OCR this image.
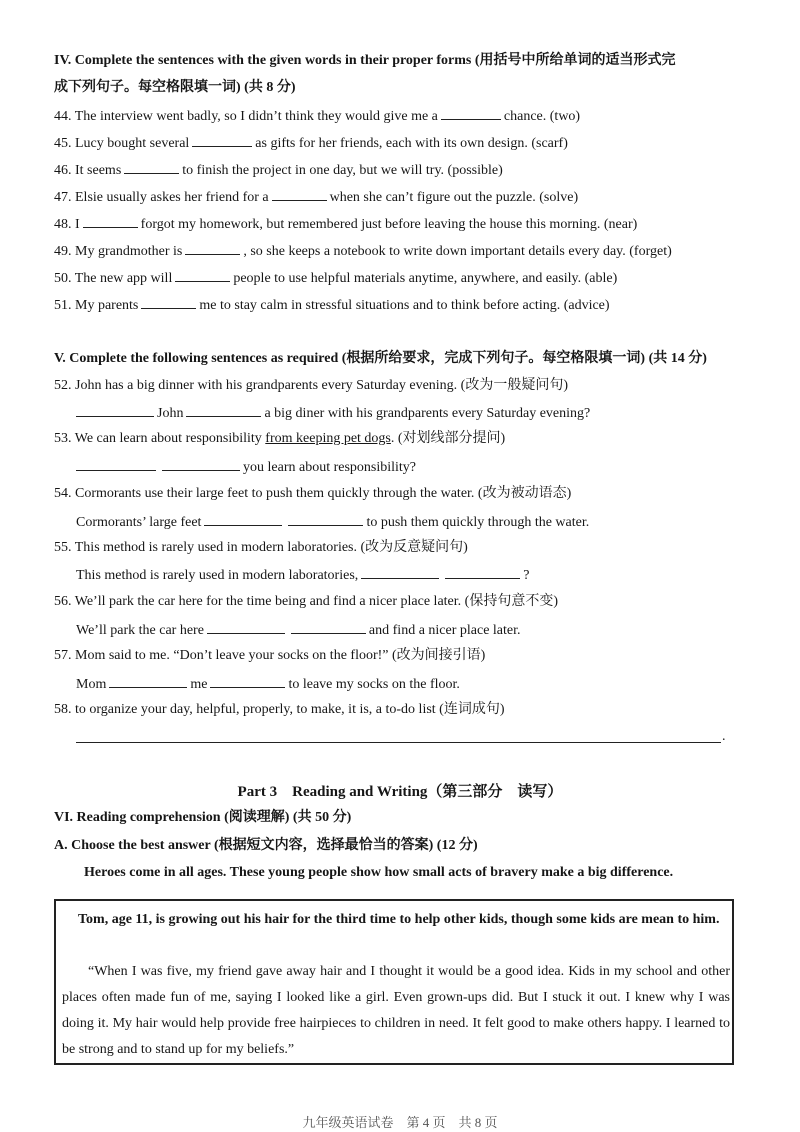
IV. Complete the sentences with the given words in their proper forms (用括号中所给单词的适当形式完
成下列句子。每空格限填一词) (共 8 分)
44. The interview went badly, so I didn’t think they would give me a	chance. (two)
45. Lucy bought several	as gifts for her friends, each with its own design. (scarf)
46. It seems	to finish the project in one day, but we will try. (possible)
47. Elsie usually askes her friend for a	when she can’t figure out the puzzle. (solve)
48. I	forgot my homework, but remembered just before leaving the house this morning. (near)
49. My grandmother is	, so she keeps a notebook to write down important details every day. (forget)
50. The new app will	people to use helpful materials anytime, anywhere, and easily. (able)
51. My parents	me to stay calm in stressful situations and to think before acting. (advice)
V. Complete the following sentences as required (根据所给要求，完成下列句子。每空格限填一词) (共 14 分)
52. John has a big dinner with his grandparents every Saturday evening. (改为一般疑问句)
John	a big diner with his grandparents every Saturday evening?
53. We can learn about responsibility from keeping pet dogs. (对划线部分提问)
you learn about responsibility?
54. Cormorants use their large feet to push them quickly through the water. (改为被动语态)
Cormorants’ large feet	to push them quickly through the water.
55. This method is rarely used in modern laboratories. (改为反意疑问句)
This method is rarely used in modern laboratories,	?
56. We’ll park the car here for the time being and find a nicer place later. (保持句意不变)
We’ll park the car here	and find a nicer place later.
57. Mom said to me. “Don’t leave your socks on the floor!” (改为间接引语)
Mom	me	to leave my socks on the floor.
58. to organize your day, helpful, properly, to make, it is, a to-do list (连词成句)
.
Part 3　Reading and Writing（第三部分　读写）
VI. Reading comprehension (阅读理解) (共 50 分)
A. Choose the best answer (根据短文内容，选择最恰当的答案) (12 分)
Heroes come in all ages. These young people show how small acts of bravery make a big difference.
Tom, age 11, is growing out his hair for the third time to help other kids, though some kids are mean to him.
“When I was five, my friend gave away hair and I thought it would be a good idea. Kids in my school and other places often made fun of me, saying I looked like a girl. Even grown-ups did. But I stuck it out. I knew why I was doing it. My hair would help provide free hairpieces to children in need. It felt good to make others happy. I learned to be strong and to stand up for my beliefs.”
九年级英语试卷　第 4 页　共 8 页
